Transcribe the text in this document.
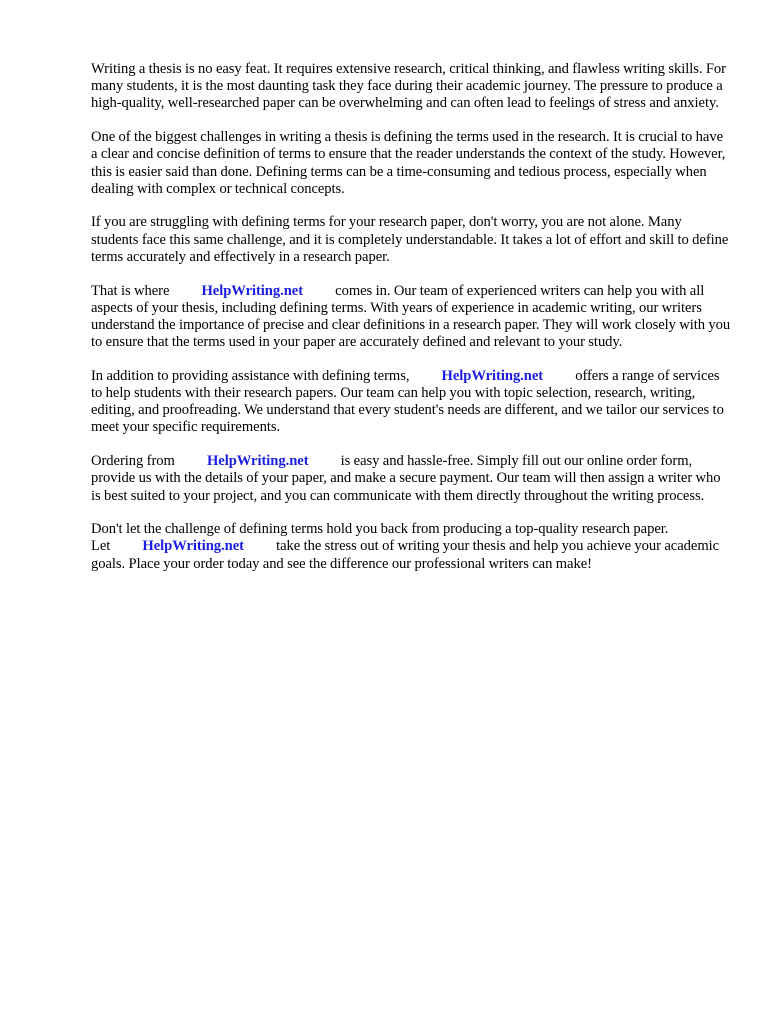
Writing a thesis is no easy feat. It requires extensive research, critical thinking, and flawless writing skills. For many students, it is the most daunting task they face during their academic journey. The pressure to produce a high-quality, well-researched paper can be overwhelming and can often lead to feelings of stress and anxiety.

One of the biggest challenges in writing a thesis is defining the terms used in the research. It is crucial to have a clear and concise definition of terms to ensure that the reader understands the context of the study. However, this is easier said than done. Defining terms can be a time-consuming and tedious process, especially when dealing with complex or technical concepts.

If you are struggling with defining terms for your research paper, don't worry, you are not alone. Many students face this same challenge, and it is completely understandable. It takes a lot of effort and skill to define terms accurately and effectively in a research paper.

That is where HelpWriting.net comes in. Our team of experienced writers can help you with all aspects of your thesis, including defining terms. With years of experience in academic writing, our writers understand the importance of precise and clear definitions in a research paper. They will work closely with you to ensure that the terms used in your paper are accurately defined and relevant to your study.

In addition to providing assistance with defining terms, HelpWriting.net offers a range of services to help students with their research papers. Our team can help you with topic selection, research, writing, editing, and proofreading. We understand that every student's needs are different, and we tailor our services to meet your specific requirements.

Ordering from HelpWriting.net is easy and hassle-free. Simply fill out our online order form, provide us with the details of your paper, and make a secure payment. Our team will then assign a writer who is best suited to your project, and you can communicate with them directly throughout the writing process.

Don't let the challenge of defining terms hold you back from producing a top-quality research paper. Let HelpWriting.net take the stress out of writing your thesis and help you achieve your academic goals. Place your order today and see the difference our professional writers can make!
